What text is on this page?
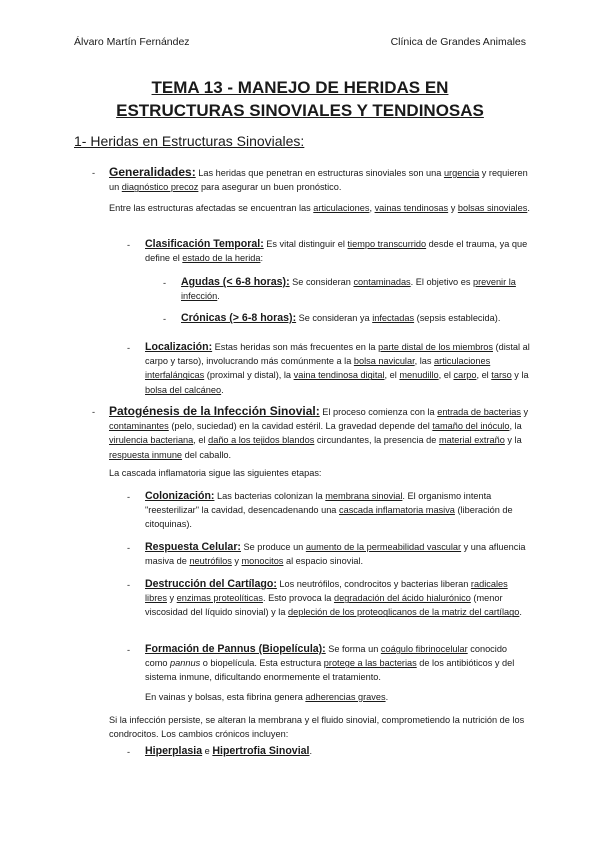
Álvaro Martín Fernández	Clínica de Grandes Animales
TEMA 13 - MANEJO DE HERIDAS EN
ESTRUCTURAS SINOVIALES Y TENDINOSAS
1- Heridas en Estructuras Sinoviales:
- Generalidades: Las heridas que penetran en estructuras sinoviales son una urgencia y requieren un diagnóstico precoz para asegurar un buen pronóstico.
Entre las estructuras afectadas se encuentran las articulaciones, vainas tendinosas y bolsas sinoviales.
- Clasificación Temporal: Es vital distinguir el tiempo transcurrido desde el trauma, ya que define el estado de la herida:
- Agudas (< 6-8 horas): Se consideran contaminadas. El objetivo es prevenir la infección.
- Crónicas (> 6-8 horas): Se consideran ya infectadas (sepsis establecida).
- Localización: Estas heridas son más frecuentes en la parte distal de los miembros (distal al carpo y tarso), involucrando más comúnmente a la bolsa navicular, las articulaciones interfalángicas (proximal y distal), la vaina tendinosa digital, el menudillo, el carpo, el tarso y la bolsa del calcáneo.
- Patogénesis de la Infección Sinovial: El proceso comienza con la entrada de bacterias y contaminantes (pelo, suciedad) en la cavidad estéril. La gravedad depende del tamaño del inóculo, la virulencia bacteriana, el daño a los tejidos blandos circundantes, la presencia de material extraño y la respuesta inmune del caballo.
La cascada inflamatoria sigue las siguientes etapas:
- Colonización: Las bacterias colonizan la membrana sinovial. El organismo intenta "reesterilizar" la cavidad, desencadenando una cascada inflamatoria masiva (liberación de citoquinas).
- Respuesta Celular: Se produce un aumento de la permeabilidad vascular y una afluencia masiva de neutrófilos y monocitos al espacio sinovial.
- Destrucción del Cartílago: Los neutrófilos, condrocitos y bacterias liberan radicales libres y enzimas proteolíticas. Esto provoca la degradación del ácido hialurónico (menor viscosidad del líquido sinovial) y la depleción de los proteoglicanos de la matriz del cartílago.
- Formación de Pannus (Biopelícula): Se forma un coágulo fibrinocelular conocido como pannus o biopelícula. Esta estructura protege a las bacterias de los antibióticos y del sistema inmune, dificultando enormemente el tratamiento.
En vainas y bolsas, esta fibrina genera adherencias graves.
Si la infección persiste, se alteran la membrana y el fluido sinovial, comprometiendo la nutrición de los condrocitos. Los cambios crónicos incluyen:
- Hiperplasia e Hipertrofia Sinovial.
